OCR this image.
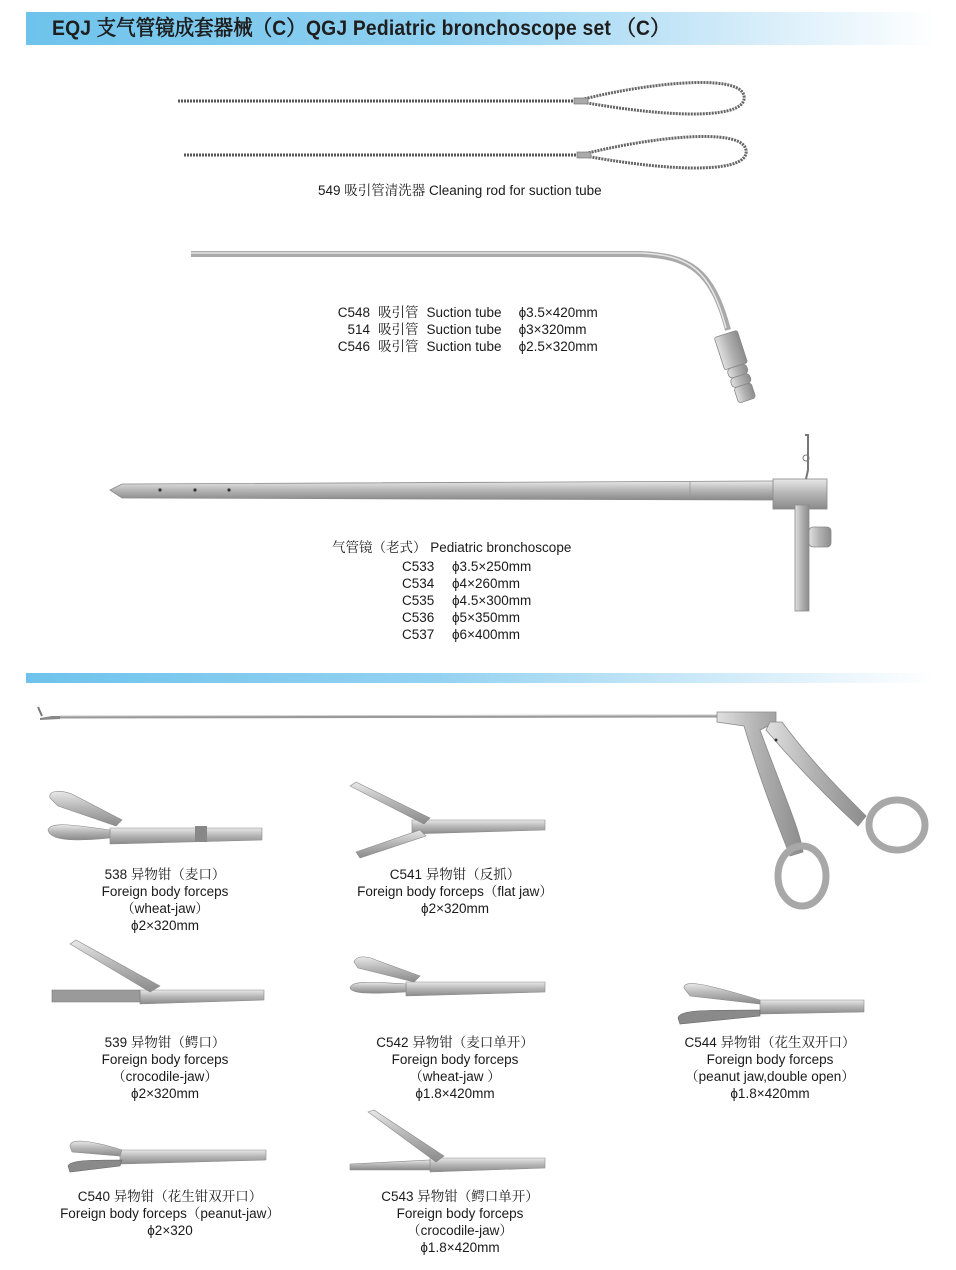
EQJ 支气管镜成套器械（C）QGJ Pediatric bronchoscope set （C）
549 吸引管清洗器 Cleaning rod for suction tube
C548	吸引管	Suction tube	ϕ3.5×420mm
514	吸引管	Suction tube	ϕ3×320mm
C546	吸引管	Suction tube	ϕ2.5×320mm
气管镜（老式） Pediatric bronchoscope
C533	ϕ3.5×250mm
C534	ϕ4×260mm
C535	ϕ4.5×300mm
C536	ϕ5×350mm
C537	ϕ6×400mm
538 异物钳（麦口）
Foreign body forceps
（wheat-jaw）
ϕ2×320mm
C541 异物钳（反抓）
Foreign body forceps（flat jaw）
ϕ2×320mm
539 异物钳（鳄口）
Foreign body forceps
（crocodile-jaw）
ϕ2×320mm
C542 异物钳（麦口单开）
Foreign body forceps
（wheat-jaw ）
ϕ1.8×420mm
C544 异物钳（花生双开口）
Foreign body forceps
（peanut jaw,double open）
ϕ1.8×420mm
C540 异物钳（花生钳双开口）
Foreign body forceps（peanut-jaw）
ϕ2×320
C543 异物钳（鳄口单开）
Foreign body forceps
（crocodile-jaw）
ϕ1.8×420mm
